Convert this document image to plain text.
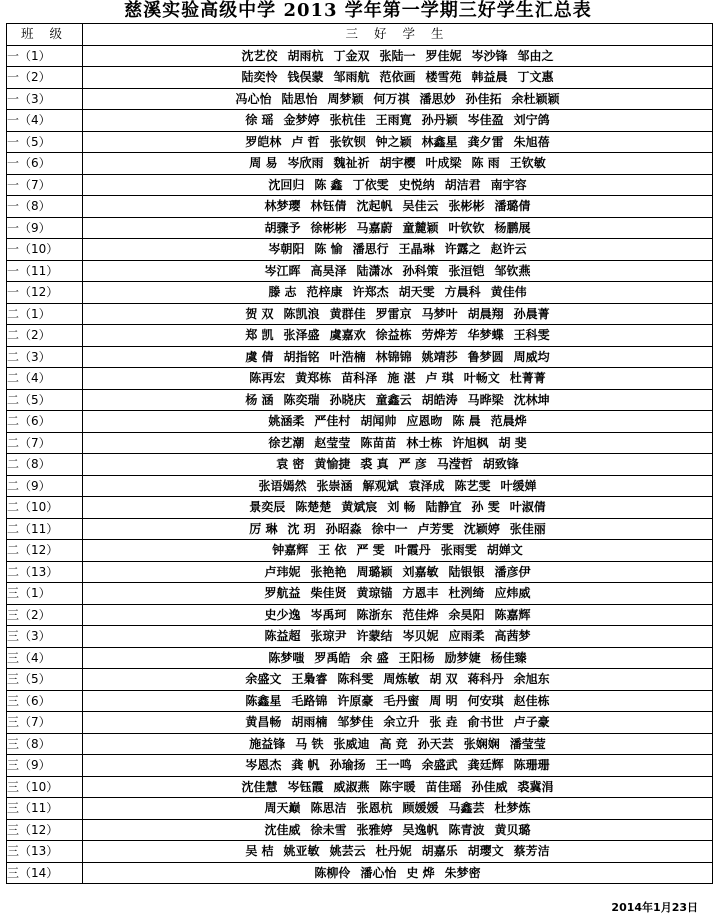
慈溪实验高级中学 2013 学年第一学期三好学生汇总表
班 级	三 好 学 生
一（1）	沈艺佼 胡雨杭 丁金双 张陆一 罗佳妮 岑沙锋 邹由之
一（2）	陆奕怜 钱俣蒙 邹雨航 范依画 楼雪苑 韩益晨 丁文惠
一（3）	冯心怡 陆思怡 周梦颖 何万祺 潘思妙 孙佳拓 余杜颖颖
一（4）	徐 瑶 金梦婷 张杭佳 王雨寛 孙丹颖 岑佳盈 刘宁鸽
一（5）	罗皑林 卢 哲 张钦钡 钟之颖 林鑫星 龚夕雷 朱旭蓓
一（6）	周 易 岑欣雨 魏祉祈 胡宇樱 叶成梁 陈 雨 王钦敏
一（7）	沈回归 陈 鑫 丁依雯 史悦纳 胡洁君 南宇容
一（8）	林梦璎 林钰倩 沈起帆 吴佳云 张彬彬 潘璐倩
一（9）	胡骤予 徐彬彬 马嘉蔚 童麓颖 叶钦钦 杨鹏展
一（10）	岑朝阳 陈 愉 潘思行 王晶琳 许露之 赵许云
一（11）	岑江晖 高昊泽 陆潇冰 孙科策 张洹铠 邹钦燕
一（12）	滕 志 范梓康 许郑杰 胡天雯 方晨科 黄佳伟
二（1）	贺 双 陈凯浪 黄群佳 罗雷京 马梦叶 胡晨翔 孙晨菁
二（2）	郑 凯 张泽盛 虞嘉欢 徐益栋 劳烨芳 华梦蝶 王科雯
二（3）	虞 倩 胡指铭 叶浩楠 林锦锦 姚靖莎 鲁梦圆 周威均
二（4）	陈再宏 黄郑栋 苗科泽 施 湛 卢 琪 叶畅文 杜菁菁
二（5）	杨 涵 陈奕瑞 孙晓庆 童鑫云 胡皓涛 马晔梁 沈林坤
二（6）	姚涵柔 严佳村 胡闻帅 应恩昒 陈 晨 范晨烨
二（7）	徐艺潮 赵莹莹 陈苗苗 林士栋 许旭枫 胡 斐
二（8）	袁 密 黄愉捷 裘 真 严 彦 马滢哲 胡致锋
二（9）	张语嫣然 张崇涵 解观斌 袁泽成 陈艺雯 叶缓婵
二（10）	景奕辰 陈楚楚 黄斌宸 刘 畅 陆静宜 孙 雯 叶淑倩
二（11）	厉 琳 沈 玥 孙昭淼 徐中一 卢芳雯 沈颖婷 张佳丽
二（12）	钟嘉辉 王 依 严 雯 叶霞丹 张雨雯 胡婵文
二（13）	卢玮妮 张艳艳 周璐颖 刘嘉敏 陆银银 潘彦伊
三（1）	罗航益 柴佳贤 黄琼锚 方恩丰 杜洌绮 应炜威
三（2）	史少逸 岑禹珂 陈浙东 范佳烨 余昊阳 陈嘉辉
三（3）	陈益超 张琼尹 许蒙结 岑贝妮 应雨柔 高茜梦
三（4）	陈梦嗤 罗禹皓 余 盛 王阳杨 励梦婕 杨佳臻
三（5）	余盛文 王梟睿 陈科雯 周炼敏 胡 双 蒋科丹 余旭东
三（6）	陈鑫星 毛路锦 许原豪 毛丹蜜 周 明 何安琪 赵佳栋
三（7）	黄昌畅 胡雨楠 邹梦佳 余立升 张 垚 俞书世 卢子豪
三（8）	施益锋 马 铁 张威迪 高 竞 孙天芸 张娴娴 潘莹莹
三（9）	岑恩杰 龚 帆 孙瑜扬 王一鸣 余盛武 龚廷辉 陈珊珊
三（10）	沈佳慧 岑钰霞 威淑燕 陈宇暖 苗佳瑶 孙佳威 裘冀涓
三（11）	周天巅 陈思洁 张恩杭 顾媛媛 马鑫芸 杜梦炼
三（12）	沈佳威 徐未雪 张雅婷 吴逸帆 陈青波 黄贝璐
三（13）	吴 桔 姚亚敏 姚芸云 杜丹妮 胡嘉乐 胡璎文 蔡芳洁
三（14）	陈柳伶 潘心怡 史 烨 朱梦密
2014年1月23日
